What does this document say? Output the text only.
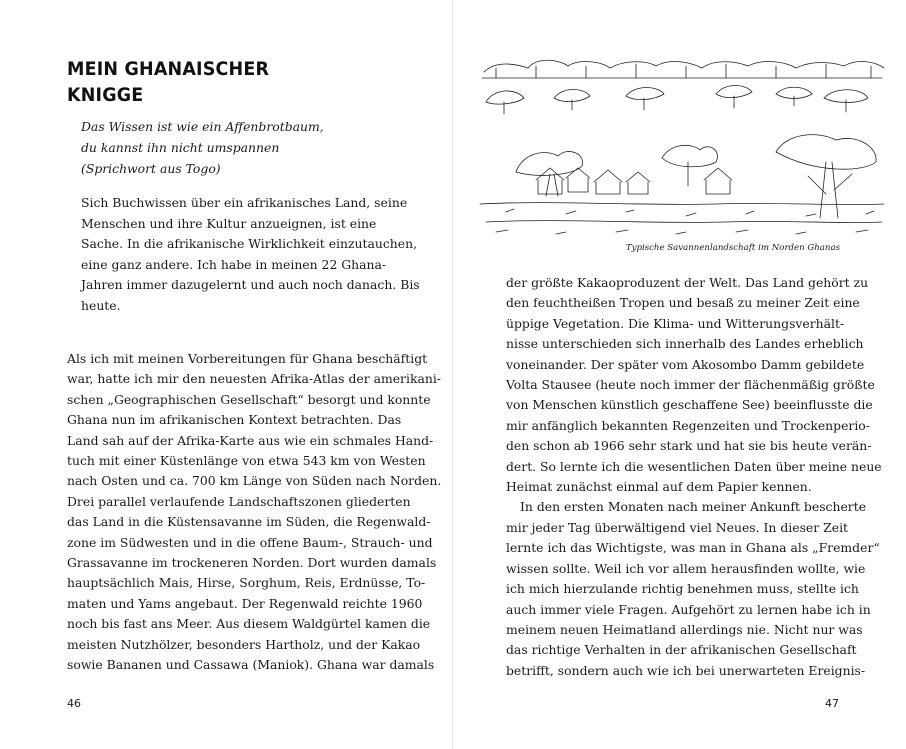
MEIN GHANAISCHER KNIGGE
Das Wissen ist wie ein Affenbrotbaum,
du kannst ihn nicht umspannen
(Sprichwort aus Togo)
Sich Buchwissen über ein afrikanisches Land, seine
Menschen und ihre Kultur anzueignen, ist eine
Sache. In die afrikanische Wirklichkeit einzutauchen,
eine ganz andere. Ich habe in meinen 22 Ghana-
Jahren immer dazugelernt und auch noch danach. Bis
heute.
Als ich mit meinen Vorbereitungen für Ghana beschäftigt
war, hatte ich mir den neuesten Afrika-Atlas der amerikani-
schen „Geographischen Gesellschaft“ besorgt und konnte
Ghana nun im afrikanischen Kontext betrachten. Das
Land sah auf der Afrika-Karte aus wie ein schmales Hand-
tuch mit einer Küstenlänge von etwa 543 km von Westen
nach Osten und ca. 700 km Länge von Süden nach Norden.
Drei parallel verlaufende Landschaftszonen gliederten
das Land in die Küstensavanne im Süden, die Regenwald-
zone im Südwesten und in die offene Baum-, Strauch- und
Grassavanne im trockeneren Norden. Dort wurden damals
hauptsächlich Mais, Hirse, Sorghum, Reis, Erdnüsse, To-
maten und Yams angebaut. Der Regenwald reichte 1960
noch bis fast ans Meer. Aus diesem Waldgürtel kamen die
meisten Nutzhölzer, besonders Hartholz, und der Kakao
sowie Bananen und Cassawa (Maniok). Ghana war damals
46
Typische Savannenlandschaft im Norden Ghanas
der größte Kakaoproduzent der Welt. Das Land gehört zu
den feuchtheißen Tropen und besaß zu meiner Zeit eine
üppige Vegetation. Die Klima- und Witterungsverhält-
nisse unterschieden sich innerhalb des Landes erheblich
voneinander. Der später vom Akosombo Damm gebildete
Volta Stausee (heute noch immer der flächenmäßig größte
von Menschen künstlich geschaffene See) beeinflusste die
mir anfänglich bekannten Regenzeiten und Trockenperio-
den schon ab 1966 sehr stark und hat sie bis heute verän-
dert. So lernte ich die wesentlichen Daten über meine neue
Heimat zunächst einmal auf dem Papier kennen.
In den ersten Monaten nach meiner Ankunft bescherte
mir jeder Tag überwältigend viel Neues. In dieser Zeit
lernte ich das Wichtigste, was man in Ghana als „Fremder“
wissen sollte. Weil ich vor allem herausfinden wollte, wie
ich mich hierzulande richtig benehmen muss, stellte ich
auch immer viele Fragen. Aufgehört zu lernen habe ich in
meinem neuen Heimatland allerdings nie. Nicht nur was
das richtige Verhalten in der afrikanischen Gesellschaft
betrifft, sondern auch wie ich bei unerwarteten Ereignis-
47
